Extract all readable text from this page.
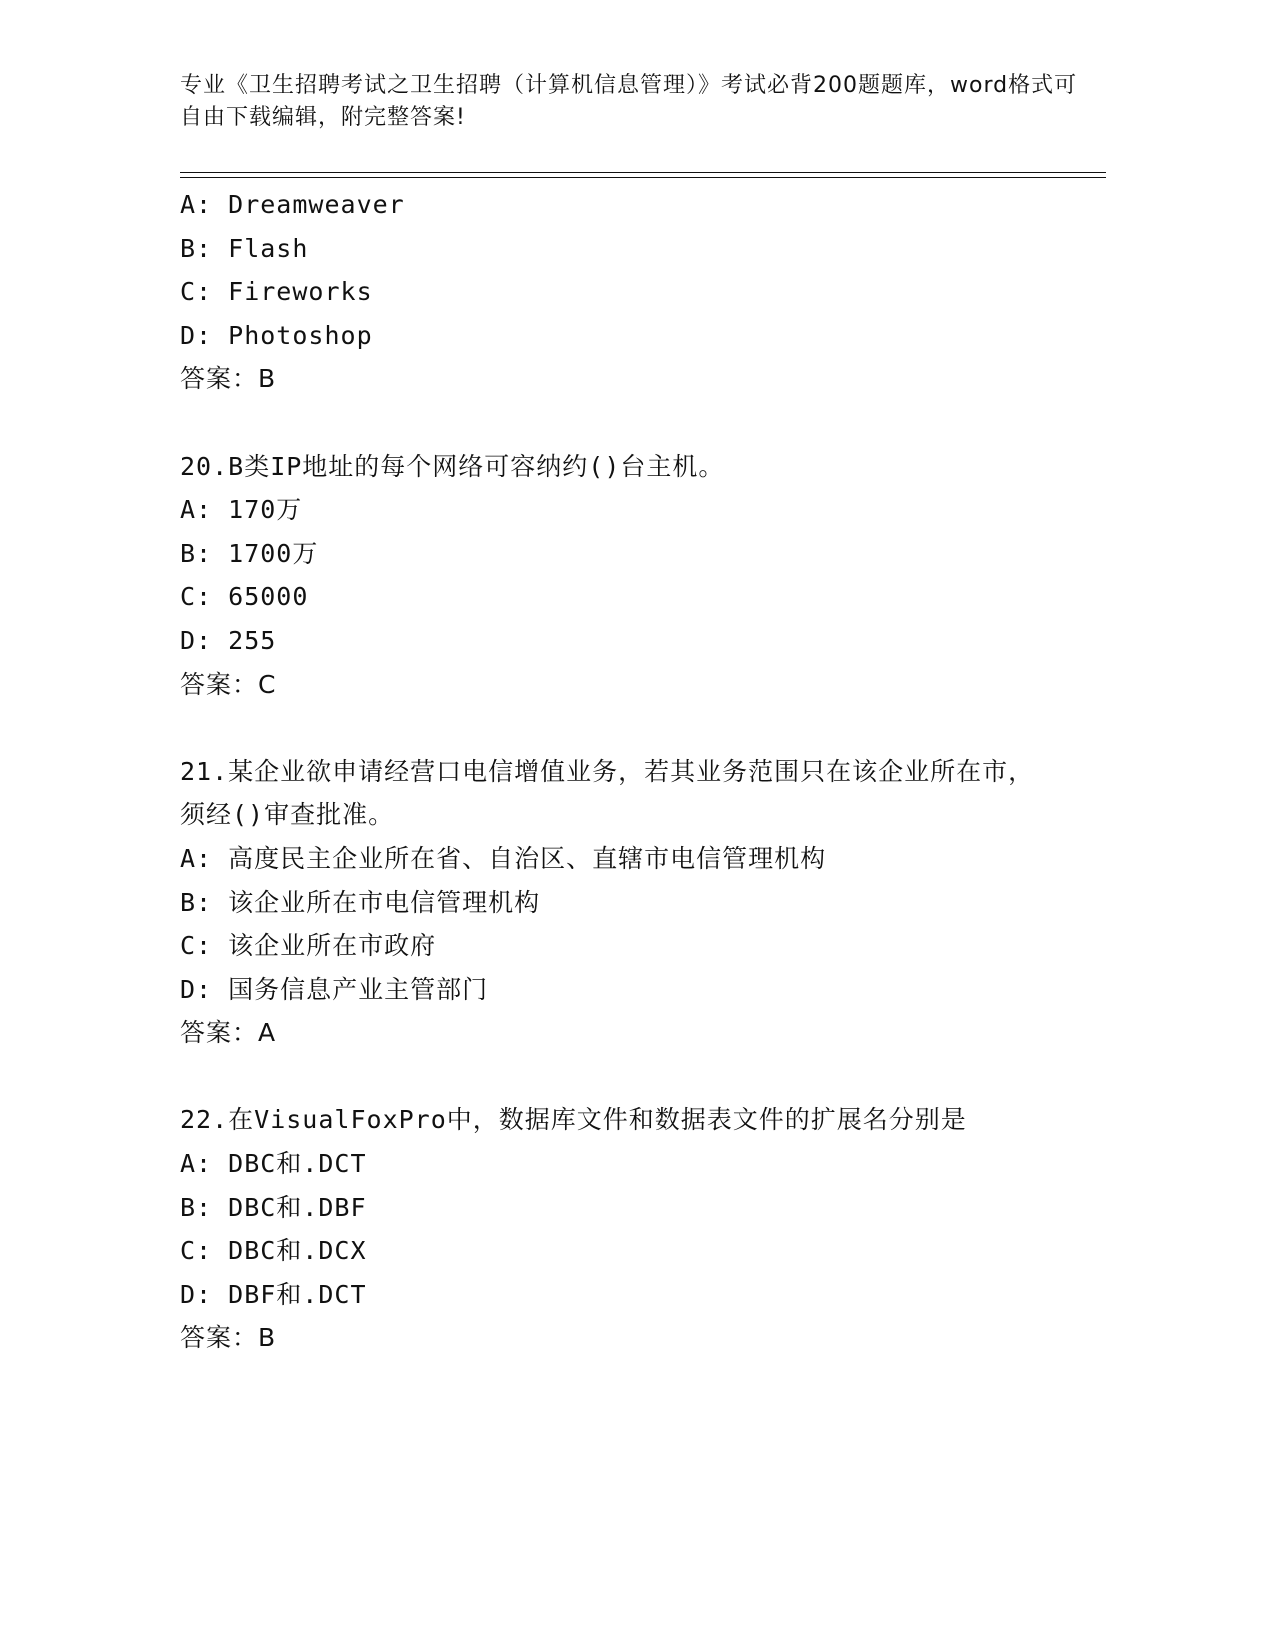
专业《卫生招聘考试之卫生招聘（计算机信息管理）》考试必背200题题库，word格式可自由下载编辑，附完整答案!
A: Dreamweaver
B: Flash
C: Fireworks
D: Photoshop
答案：B
20.B类IP地址的每个网络可容纳约()台主机。
A: 170万
B: 1700万
C: 65000
D: 255
答案：C
21.某企业欲申请经营口电信增值业务，若其业务范围只在该企业所在市，须经()审查批准。
A: 高度民主企业所在省、自治区、直辖市电信管理机构
B: 该企业所在市电信管理机构
C: 该企业所在市政府
D: 国务信息产业主管部门
答案：A
22.在VisualFoxPro中，数据库文件和数据表文件的扩展名分别是
A: DBC和.DCT
B: DBC和.DBF
C: DBC和.DCX
D: DBF和.DCT
答案：B
